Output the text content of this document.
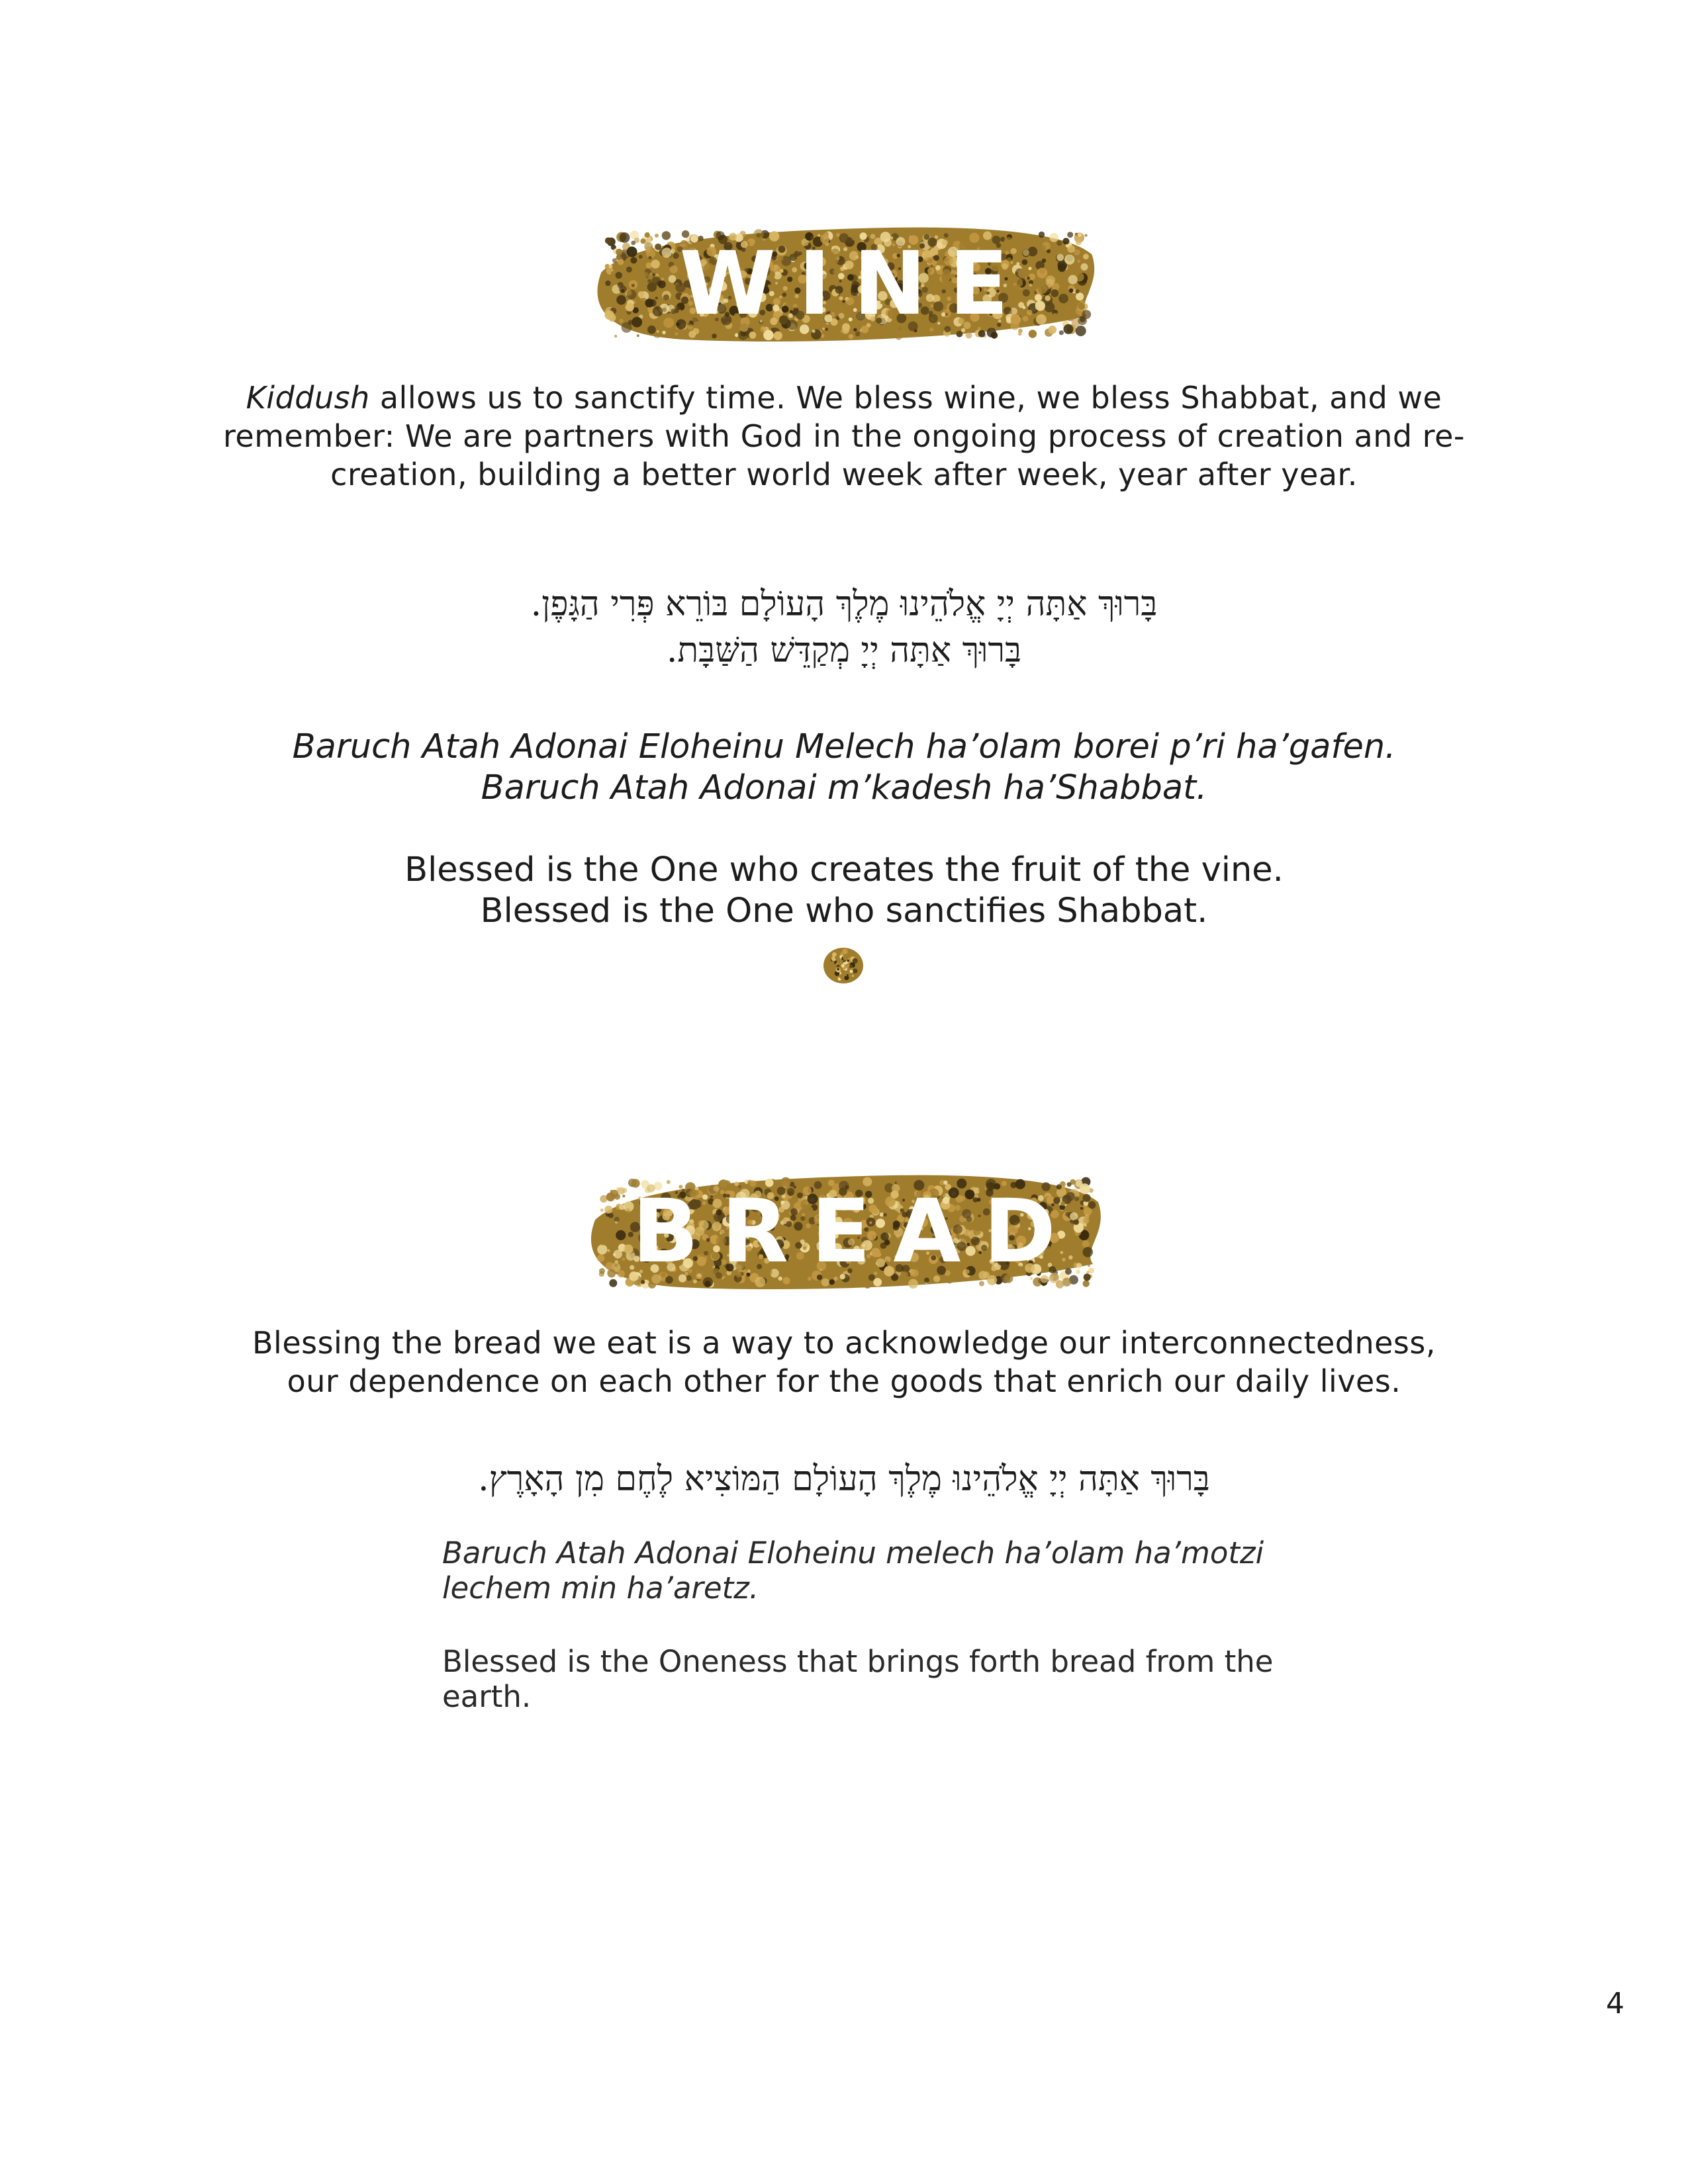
WINE
Kiddush allows us to sanctify time. We bless wine, we bless Shabbat, and we
remember: We are partners with God in the ongoing process of creation and re-
creation, building a better world week after week, year after year.
בָּרוּךְ אַתָּה יְיָ אֱלֹהֵינוּ מֶלֶךְ הָעוֹלָם בּוֹרֵא פְּרִי הַגָּפֶן.
בָּרוּךְ אַתָּה יְיָ מְקַדֵּשׁ הַשַּׁבָּת.
Baruch Atah Adonai Eloheinu Melech ha’olam borei p’ri ha’gafen.
Baruch Atah Adonai m’kadesh ha’Shabbat.
Blessed is the One who creates the fruit of the vine.
Blessed is the One who sanctifies Shabbat.
BREAD
Blessing the bread we eat is a way to acknowledge our interconnectedness,
our dependence on each other for the goods that enrich our daily lives.
בָּרוּךְ אַתָּה יְיָ אֱלֹהֵינוּ מֶלֶךְ הָעוֹלָם הַמּוֹצִיא לֶחֶם מִן הָאָרֶץ.
Baruch Atah Adonai Eloheinu melech ha’olam ha’motzi
lechem min ha’aretz.
Blessed is the Oneness that brings forth bread from the
earth.
4
